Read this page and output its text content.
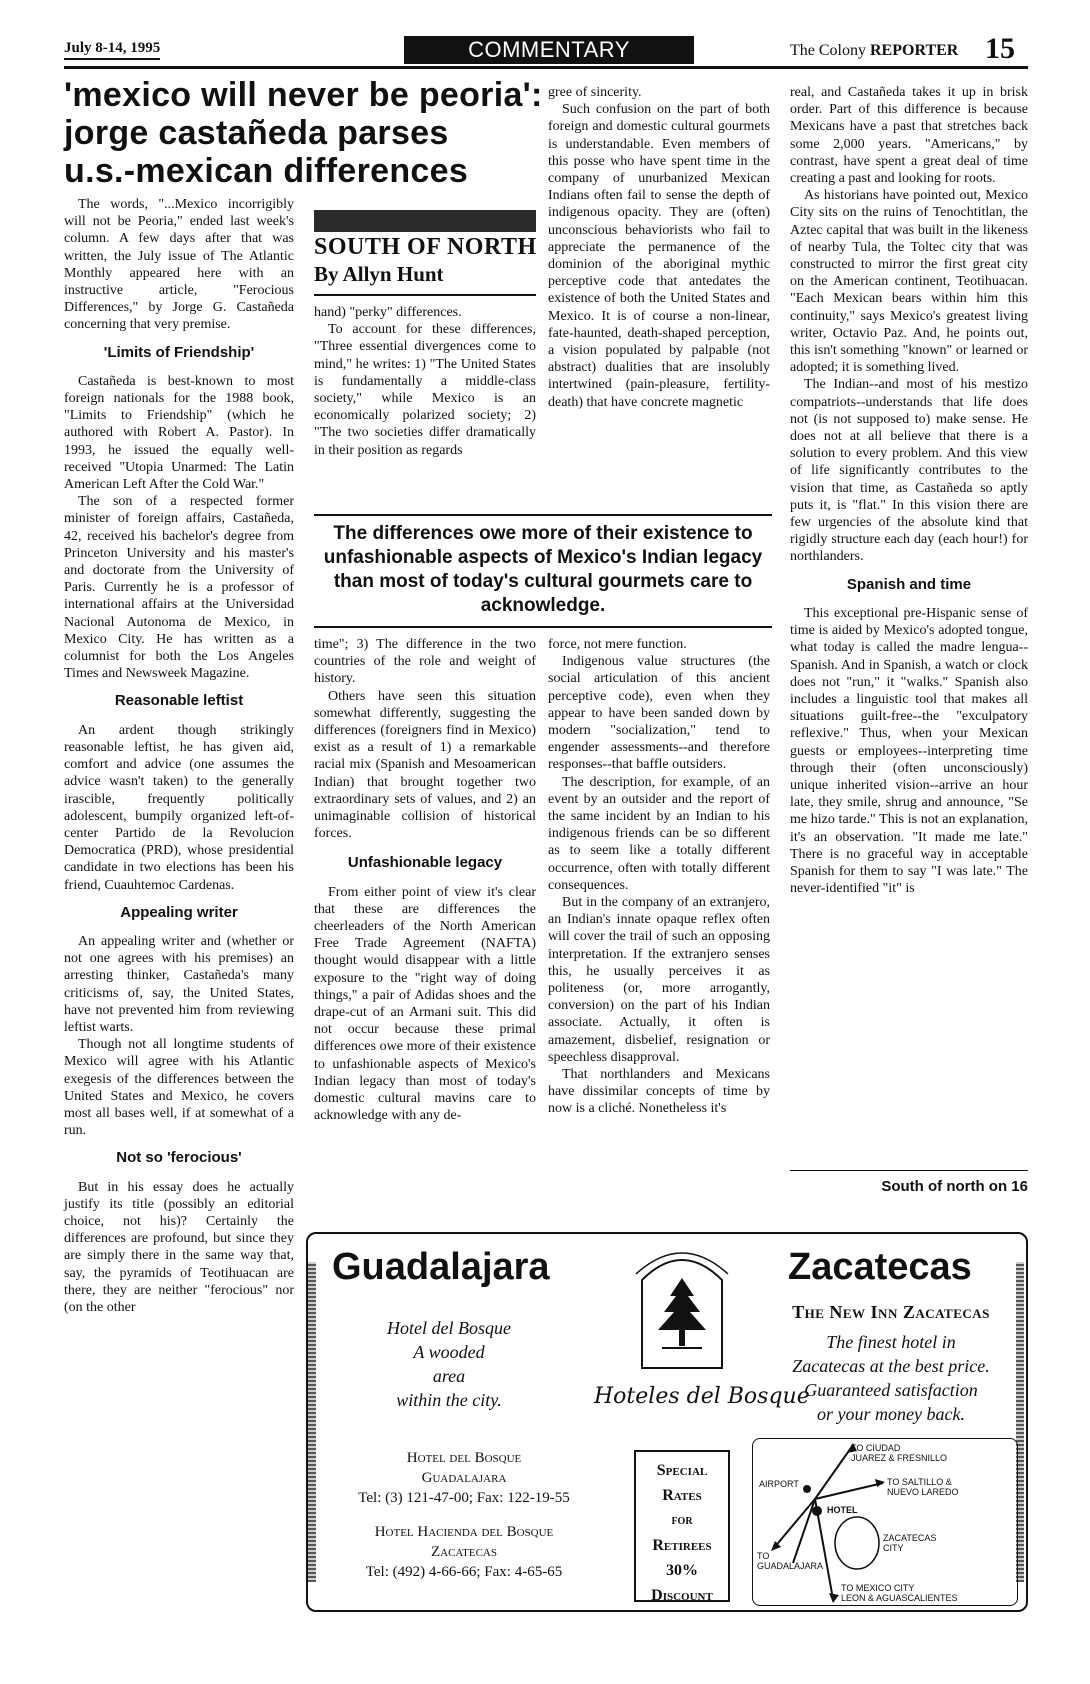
July 8-14, 1995	COMMENTARY	The Colony REPORTER 15
'mexico will never be peoria':
jorge castañeda parses
u.s.-mexican differences

The words, "...Mexico incorrigibly will not be Peoria," ended last week's column. A few days after that was written, the July issue of The Atlantic Monthly appeared here with an instructive article, "Ferocious Differences," by Jorge G. Castañeda concerning that very premise.

'Limits of Friendship'

Castañeda is best-known to most foreign nationals for the 1988 book, "Limits to Friendship" (which he authored with Robert A. Pastor). In 1993, he issued the equally well-received "Utopia Unarmed: The Latin American Left After the Cold War."

The son of a respected former minister of foreign affairs, Castañeda, 42, received his bachelor's degree from Princeton University and his master's and doctorate from the University of Paris. Currently he is a professor of international affairs at the Universidad Nacional Autonoma de Mexico, in Mexico City. He has written as a columnist for both the Los Angeles Times and Newsweek Magazine.

Reasonable leftist

An ardent though strikingly reasonable leftist, he has given aid, comfort and advice (one assumes the advice wasn't taken) to the generally irascible, frequently politically adolescent, bumpily organized left-of-center Partido de la Revolucion Democratica (PRD), whose presidential candidate in two elections has been his friend, Cuauhtemoc Cardenas.

Appealing writer

An appealing writer and (whether or not one agrees with his premises) an arresting thinker, Castañeda's many criticisms of, say, the United States, have not prevented him from reviewing leftist warts.

Though not all longtime students of Mexico will agree with his Atlantic exegesis of the differences between the United States and Mexico, he covers most all bases well, if at somewhat of a run.

Not so 'ferocious'

But in his essay does he actually justify its title (possibly an editorial choice, not his)? Certainly the differences are profound, but since they are simply there in the same way that, say, the pyramids of Teotihuacan are there, they are neither "ferocious" nor (on the other

SOUTH OF NORTH
By Allyn Hunt

hand) "perky" differences.

To account for these differences, "Three essential divergences come to mind," he writes: 1) "The United States is fundamentally a middle-class society," while Mexico is an economically polarized society; 2) "The two societies differ dramatically in their position as regards

gree of sincerity.

Such confusion on the part of both foreign and domestic cultural gourmets is understandable. Even members of this posse who have spent time in the company of unurbanized Mexican Indians often fail to sense the depth of indigenous opacity. They are (often) unconscious behaviorists who fail to appreciate the permanence of the dominion of the aboriginal mythic perceptive code that antedates the existence of both the United States and Mexico. It is of course a non-linear, fate-haunted, death-shaped perception, a vision populated by palpable (not abstract) dualities that are insolubly intertwined (pain-pleasure, fertility-death) that have concrete magnetic

The differences owe more of their existence to unfashionable aspects of Mexico's Indian legacy than most of today's cultural gourmets care to acknowledge.

time"; 3) The difference in the two countries of the role and weight of history.

Others have seen this situation somewhat differently, suggesting the differences (foreigners find in Mexico) exist as a result of 1) a remarkable racial mix (Spanish and Mesoamerican Indian) that brought together two extraordinary sets of values, and 2) an unimaginable collision of historical forces.

Unfashionable legacy

From either point of view it's clear that these are differences the cheerleaders of the North American Free Trade Agreement (NAFTA) thought would disappear with a little exposure to the "right way of doing things," a pair of Adidas shoes and the drape-cut of an Armani suit. This did not occur because these primal differences owe more of their existence to unfashionable aspects of Mexico's Indian legacy than most of today's domestic cultural mavins care to acknowledge with any de-

force, not mere function.

Indigenous value structures (the social articulation of this ancient perceptive code), even when they appear to have been sanded down by modern "socialization," tend to engender assessments--and therefore responses--that baffle outsiders.

The description, for example, of an event by an outsider and the report of the same incident by an Indian to his indigenous friends can be so different as to seem like a totally different occurrence, often with totally different consequences.

But in the company of an extranjero, an Indian's innate opaque reflex often will cover the trail of such an opposing interpretation. If the extranjero senses this, he usually perceives it as politeness (or, more arrogantly, conversion) on the part of his Indian associate. Actually, it often is amazement, disbelief, resignation or speechless disapproval.

That northlanders and Mexicans have dissimilar concepts of time by now is a cliché. Nonetheless it's

real, and Castañeda takes it up in brisk order. Part of this difference is because Mexicans have a past that stretches back some 2,000 years. "Americans," by contrast, have spent a great deal of time creating a past and looking for roots.

As historians have pointed out, Mexico City sits on the ruins of Tenochtitlan, the Aztec capital that was built in the likeness of nearby Tula, the Toltec city that was constructed to mirror the first great city on the American continent, Teotihuacan. "Each Mexican bears within him this continuity," says Mexico's greatest living writer, Octavio Paz. And, he points out, this isn't something "known" or learned or adopted; it is something lived.

The Indian--and most of his mestizo compatriots--understands that life does not (is not supposed to) make sense. He does not at all believe that there is a solution to every problem. And this view of life significantly contributes to the vision that time, as Castañeda so aptly puts it, is "flat." In this vision there are few urgencies of the absolute kind that rigidly structure each day (each hour!) for northlanders.

Spanish and time

This exceptional pre-Hispanic sense of time is aided by Mexico's adopted tongue, what today is called the madre lengua--Spanish. And in Spanish, a watch or clock does not "run," it "walks." Spanish also includes a linguistic tool that makes all situations guilt-free--the "exculpatory reflexive." Thus, when your Mexican guests or employees--interpreting time through their (often unconsciously) unique inherited vision--arrive an hour late, they smile, shrug and announce, "Se me hizo tarde." This is not an explanation, it's an observation. "It made me late." There is no graceful way in acceptable Spanish for them to say "I was late." The never-identified "it" is

South of north on 16
Guadalajara
Hotel del Bosque
A wooded
area
within the city.	Hoteles del Bosque
Hotel del Bosque
Guadalajara
Tel: (3) 121-47-00; Fax: 122-19-55
Hotel Hacienda del Bosque
Zacatecas
Tel: (492) 4-66-66; Fax: 4-65-65
Special
Rates
for
Retirees
30%
Discount
Zacatecas
The New Inn Zacatecas
The finest hotel in
Zacatecas at the best price.
Guaranteed satisfaction
or your money back.
TO CIUDAD
JUAREZ & FRESNILLO
AIRPORT	TO SALTILLO &
NUEVO LAREDO
HOTEL
ZACATECAS
CITY
TO
GUADALAJARA
TO MEXICO CITY
LEON & AGUASCALIENTES
